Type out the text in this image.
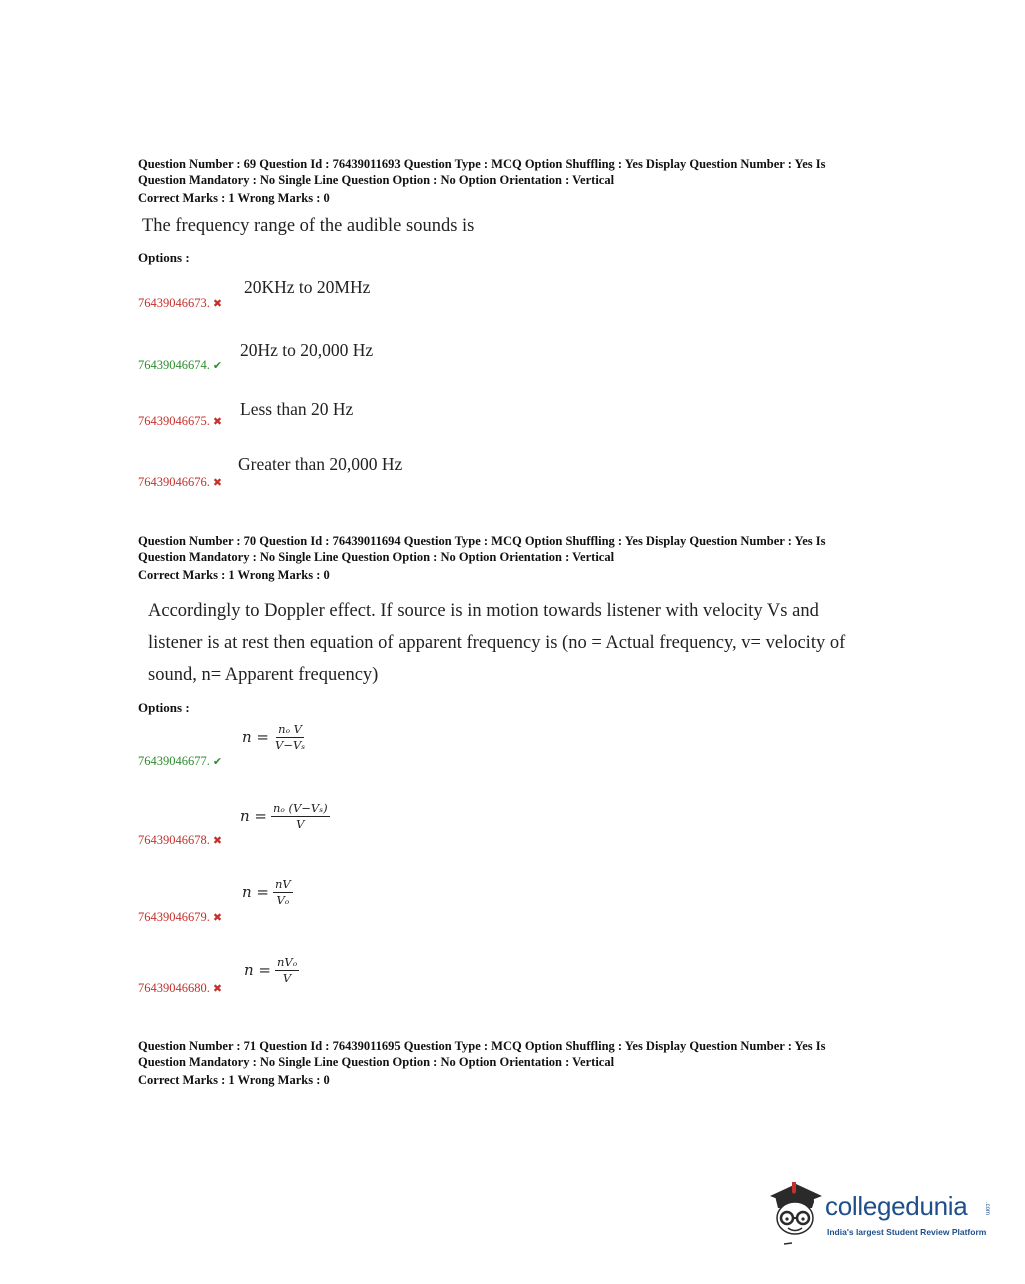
Question Number : 69 Question Id : 76439011693 Question Type : MCQ Option Shuffling : Yes Display Question Number : Yes Is
Question Mandatory : No Single Line Question Option : No Option Orientation : Vertical
Correct Marks : 1 Wrong Marks : 0
The frequency range of the audible sounds is
Options :
20KHz to 20MHz
76439046673. ✖
20Hz to 20,000 Hz
76439046674. ✔
Less than 20 Hz
76439046675. ✖
Greater than 20,000 Hz
76439046676. ✖
Question Number : 70 Question Id : 76439011694 Question Type : MCQ Option Shuffling : Yes Display Question Number : Yes Is
Question Mandatory : No Single Line Question Option : No Option Orientation : Vertical
Correct Marks : 1 Wrong Marks : 0
Accordingly to Doppler effect. If source is in motion towards listener with velocity Vs and
listener is at rest then equation of apparent frequency is (no = Actual frequency, v= velocity of
sound, n= Apparent frequency)
Options :
$n = \frac{\text{nₒ V}}{\text{V−Vₛ}}$
76439046677. ✔
$n = \frac{\text{nₒ (V−Vₛ)}}{V}$
76439046678. ✖
$n = \frac{nV}{\text{Vₒ}}$
76439046679. ✖
$n = \frac{\text{nVₒ}}{V}$
76439046680. ✖
Question Number : 71 Question Id : 76439011695 Question Type : MCQ Option Shuffling : Yes Display Question Number : Yes Is
Question Mandatory : No Single Line Question Option : No Option Orientation : Vertical
Correct Marks : 1 Wrong Marks : 0
collegedunia	.com
India's largest Student Review Platform
